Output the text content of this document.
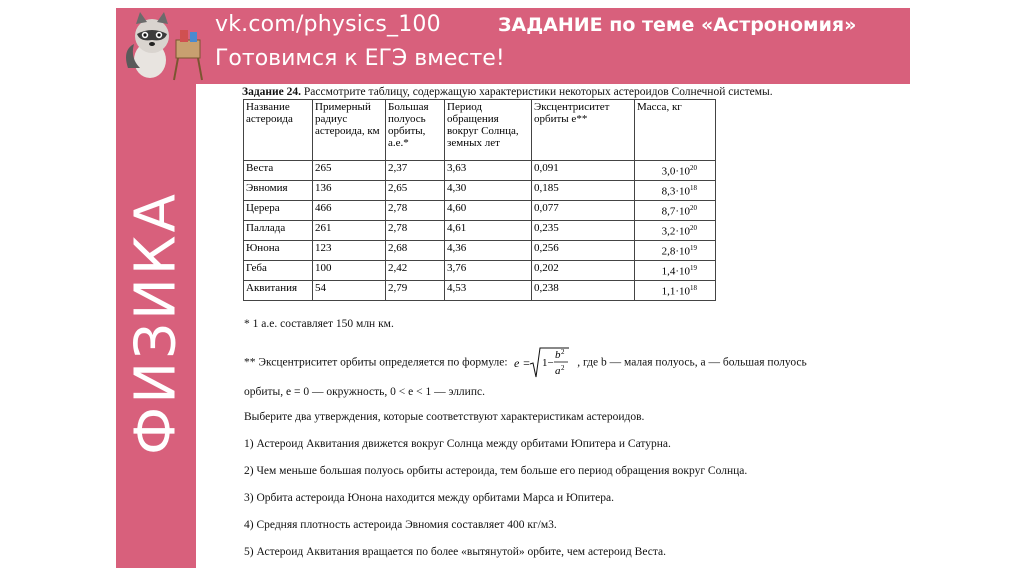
vk.com/physics_100
Готовимся к ЕГЭ вместе!
ЗАДАНИЕ по теме «Астрономия»
ФИЗИКА
Задание 24. Рассмотрите таблицу, содержащую характеристики некоторых астероидов Солнечной системы.
Название астероида	Примерный радиус астероида, км	Большая полуось орбиты, а.е.*	Период обращения вокруг Солнца, земных лет	Эксцентриситет орбиты e**	Масса, кг
Веста	265	2,37	3,63	0,091	$3,0\cdot 10^{20}$
Эвномия	136	2,65	4,30	0,185	$8,3\cdot 10^{18}$
Церера	466	2,78	4,60	0,077	$8,7\cdot 10^{20}$
Паллада	261	2,78	4,61	0,235	$3,2\cdot 10^{20}$
Юнона	123	2,68	4,36	0,256	$2,8\cdot 10^{19}$
Геба	100	2,42	3,76	0,202	$1,4\cdot 10^{19}$
Аквитания	54	2,79	4,53	0,238	$1,1\cdot 10^{18}$
* 1 а.е. составляет 150 млн км.
** Эксцентриситет орбиты определяется по формуле: e = 1−
b 2
a 2 , где b — малая полуось, a — большая полуось
орбиты, e = 0 — окружность, 0 < e < 1 — эллипс.
Выберите два утверждения, которые соответствуют характеристикам астероидов.
1) Астероид Аквитания движется вокруг Солнца между орбитами Юпитера и Сатурна.
2) Чем меньше большая полуось орбиты астероида, тем больше его период обращения вокруг Солнца.
3) Орбита астероида Юнона находится между орбитами Марса и Юпитера.
4) Средняя плотность астероида Эвномия составляет 400 кг/м3.
5) Астероид Аквитания вращается по более «вытянутой» орбите, чем астероид Веста.
